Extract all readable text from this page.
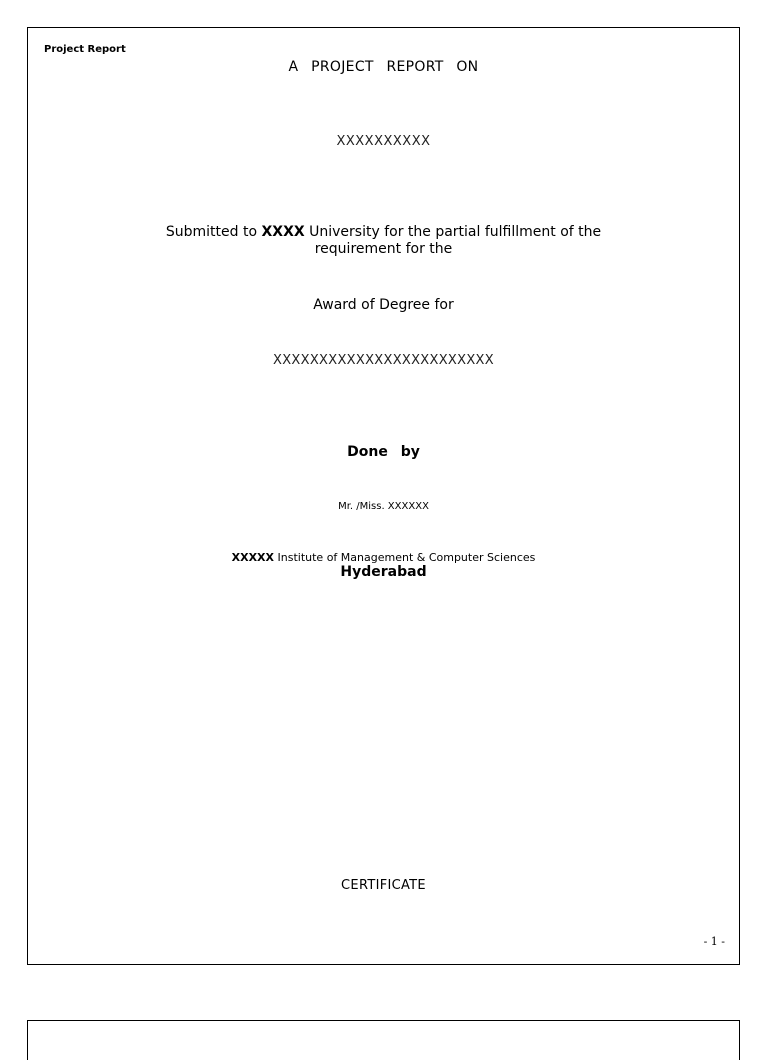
Project Report
A PROJECT REPORT ON
XXXXXXXXXX
Submitted to XXXX University for the partial fulfillment of the
requirement for the
Award of Degree for
XXXXXXXXXXXXXXXXXXXXXXXX
Done by
Mr. /Miss. XXXXXX
XXXXX Institute of Management & Computer Sciences
Hyderabad
CERTIFICATE
- 1 -
